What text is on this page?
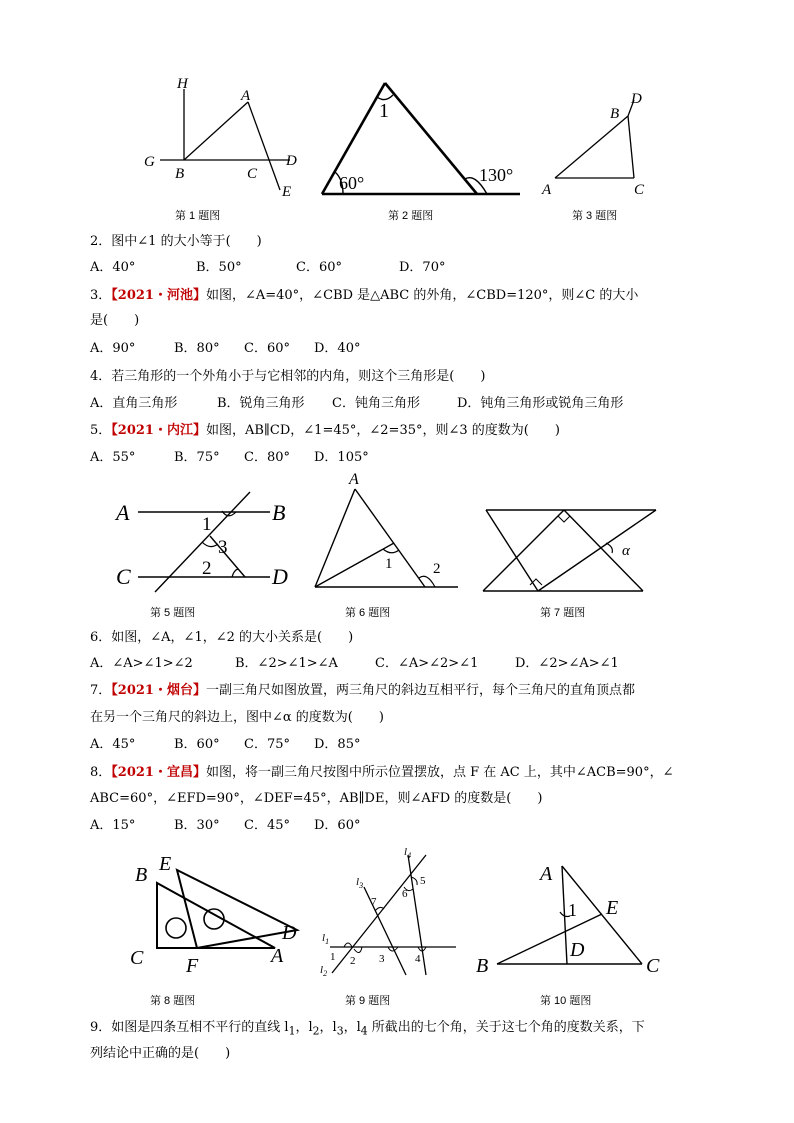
H
A
G
B	C
D
E
第 1 题图
1
60°	130°
第 2 题图
B
D
A	C
第 3 题图
2．图中∠1 的大小等于(　　)
A．40°	B．50°	C．60°	D．70°
3．【2021・河池】如图，∠A=40°，∠CBD 是△ABC 的外角，∠CBD=120°，则∠C 的大小
是(　　)
A．90°	B．80° C．60° D．40°
4．若三角形的一个外角小于与它相邻的内角，则这个三角形是(　　)
A．直角三角形	B．锐角三角形 C．钝角三角形	D．钝角三角形或锐角三角形
5．【2021・内江】如图，AB∥CD，∠1=45°，∠2=35°，则∠3 的度数为(　　)
A．55°	B．75° C．80° D．105°
A	B
C	D
1
2
3
第 5 题图
A
1	2
第 6 题图
α
第 7 题图
6．如图，∠A，∠1，∠2 的大小关系是(　　)
A．∠A>∠1>∠2	B．∠2>∠1>∠A	C．∠A>∠2>∠1	D．∠2>∠A>∠1
7．【2021・烟台】一副三角尺如图放置，两三角尺的斜边互相平行，每个三角尺的直角顶点都
在另一个三角尺的斜边上，图中∠α 的度数为(　　)
A．45°	B．60° C．75° D．85°
8．【2021・宜昌】如图，将一副三角尺按图中所示位置摆放，点 F 在 AC 上，其中∠ACB=90°，∠
ABC=60°，∠EFD=90°，∠DEF=45°，AB∥DE，则∠AFD 的度数是(　　)
A．15°	B．30° C．45° D．60°
B E
D
C F	A
第 8 题图
$l_4$
$l_3$
$l_1$
$l_2$
1 2 3	4
5
6
7
第 9 题图
A
E
1
D
B	C
第 10 题图
9．如图是四条互相不平行的直线 $l_1$，$l_2$，$l_3$，$l_4$ 所截出的七个角，关于这七个角的度数关系，下
列结论中正确的是(　　)
